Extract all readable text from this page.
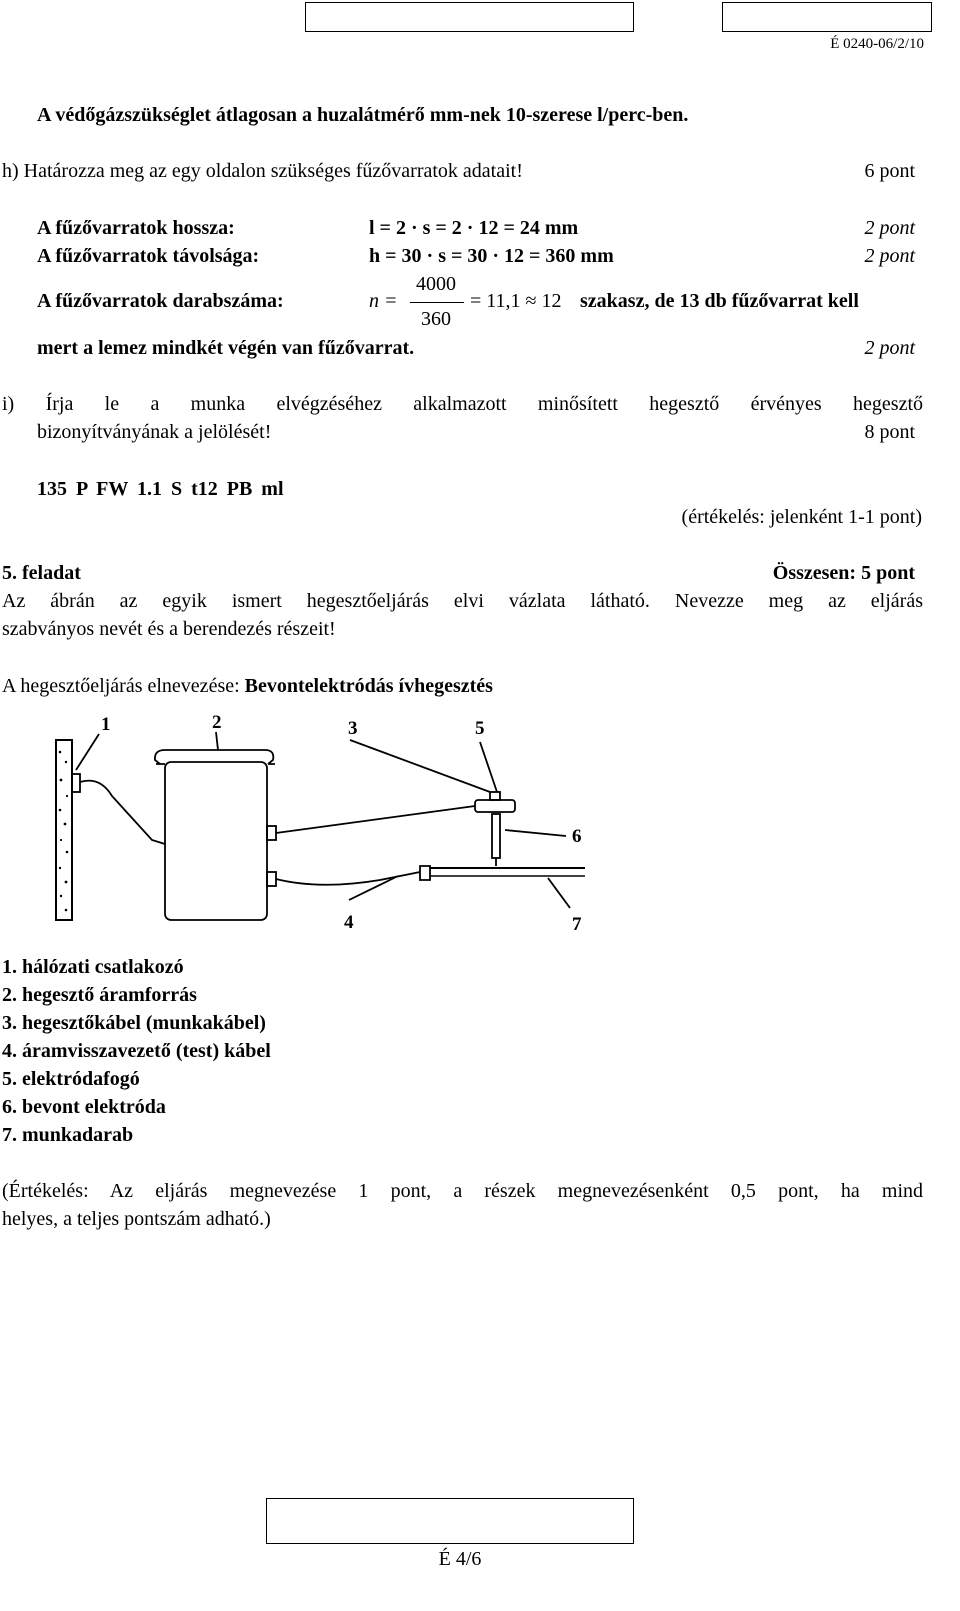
É 0240-06/2/10
A védőgázszükséglet átlagosan a huzalátmérő mm-nek 10-szerese l/perc-ben.
h) Határozza meg az egy oldalon szükséges fűzővarratok adatait!	6 pont
A fűzővarratok hossza:	l = 2 · s = 2 · 12 = 24 mm	2 pont
A fűzővarratok távolsága:	h = 30 · s = 30 · 12 = 360 mm	2 pont
A fűzővarratok darabszáma:	n =
4000
360
= 11,1 ≈ 12 szakasz, de 13 db fűzővarrat kell
mert a lemez mindkét végén van fűzővarrat.	2 pont
i) Írja le a munka elvégzéséhez alkalmazott minősített hegesztő érvényes hegesztő
bizonyítványának a jelölését!	8 pont
135 P FW 1.1 S t12 PB ml
(értékelés: jelenként 1-1 pont)
5. feladat	Összesen: 5 pont
Az ábrán az egyik ismert hegesztőeljárás elvi vázlata látható. Nevezze meg az eljárás
szabványos nevét és a berendezés részeit!
A hegesztőeljárás elnevezése: Bevontelektródás ívhegesztés
1	2	3	5
6
4	7
1. hálózati csatlakozó
2. hegesztő áramforrás
3. hegesztőkábel (munkakábel)
4. áramvisszavezető (test) kábel
5. elektródafogó
6. bevont elektróda
7. munkadarab
(Értékelés: Az eljárás megnevezése 1 pont, a részek megnevezésenként 0,5 pont, ha mind
helyes, a teljes pontszám adható.)
É 4/6
